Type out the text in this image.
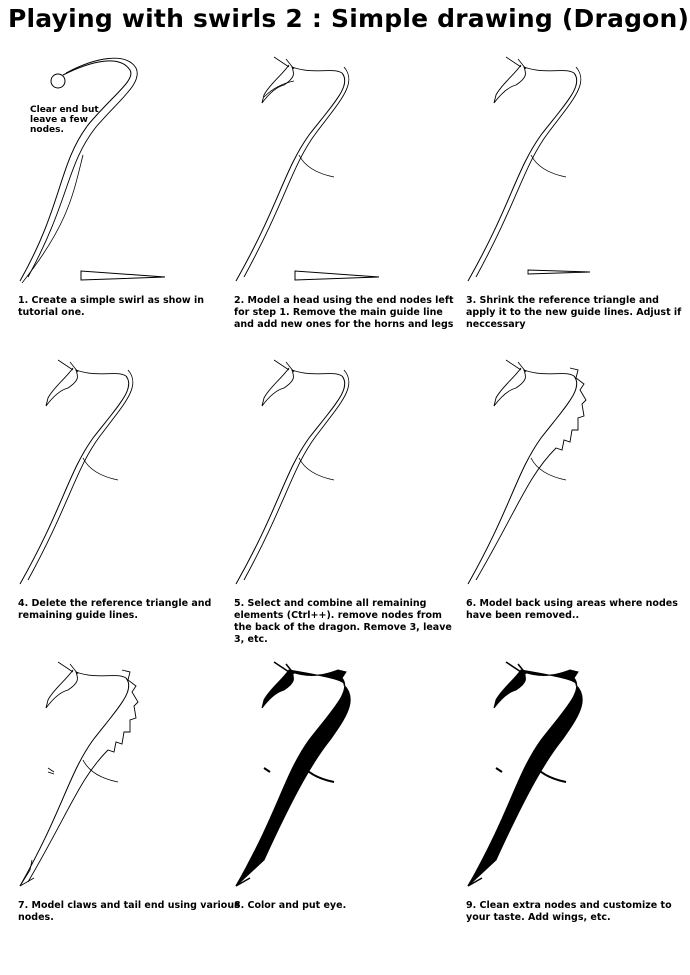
Playing with swirls 2 : Simple drawing (Dragon)
Clear end but leave a few nodes.
1. Create a simple swirl as show in tutorial one.
2. Model a head using the end nodes left for step 1. Remove the main guide line and add new ones for the horns and legs
3. Shrink the reference triangle and apply it to the new guide lines. Adjust if neccessary
4. Delete the reference triangle and remaining guide lines.
5. Select and combine all remaining elements (Ctrl++). remove nodes from the back of the dragon. Remove 3, leave 3, etc.
6. Model back using areas where nodes have been removed..
7. Model claws and tail end using various nodes.
8. Color and put eye.	9. Clean extra nodes and customize to your taste. Add wings, etc.
